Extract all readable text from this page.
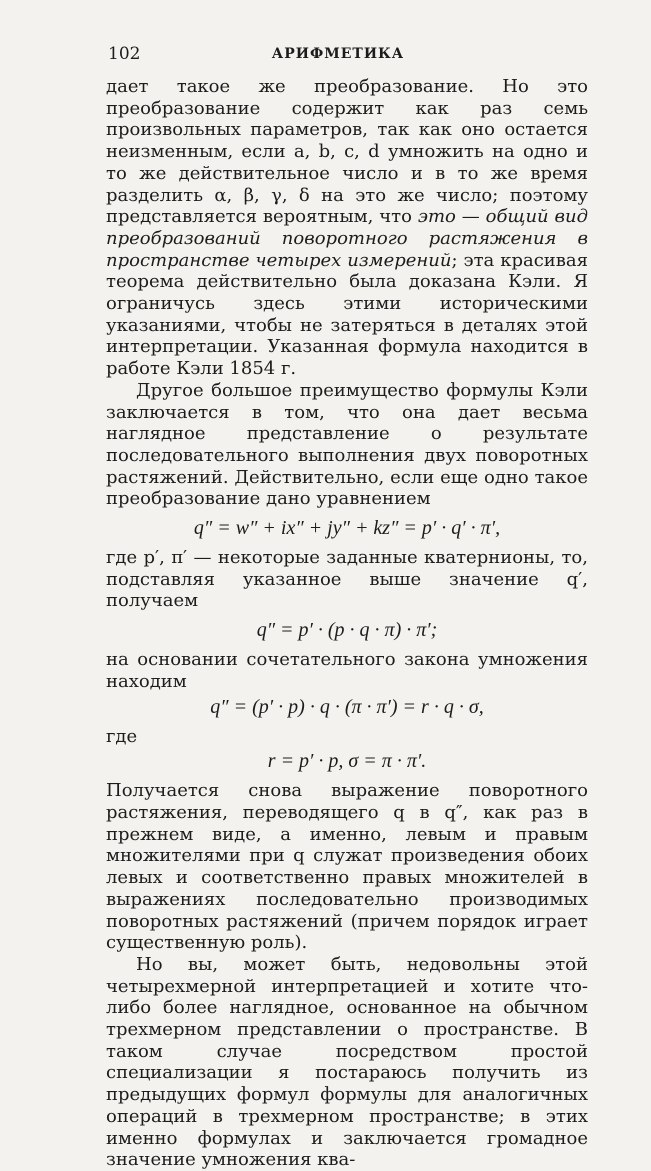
102	АРИФМЕТИКА

дает такое же преобразование. Но это преобразование содержит как раз семь произвольных параметров, так как оно остается неизменным, если a, b, c, d умножить на одно и то же действительное число и в то же время разделить α, β, γ, δ на это же число; поэтому представляется вероятным, что это — общий вид преобразований поворотного растяжения в пространстве четырех измерений; эта красивая теорема действительно была доказана Кэли. Я ограничусь здесь этими историческими указаниями, чтобы не затеряться в деталях этой интерпретации. Указанная формула находится в работе Кэли 1854 г.

Другое большое преимущество формулы Кэли заключается в том, что она дает весьма наглядное представление о результате последовательного выполнения двух поворотных растяжений. Действительно, если еще одно такое преобразование дано уравнением

q″ = w″ + ix″ + jy″ + kz″ = p′ · q′ · π′,

где p′, π′ — некоторые заданные кватернионы, то, подставляя указанное выше значение q′, получаем

q″ = p′ · (p · q · π) · π′;

на основании сочетательного закона умножения находим

q″ = (p′ · p) · q · (π · π′) = r · q · σ,

где

r = p′ · p, σ = π · π′.

Получается снова выражение поворотного растяжения, переводящего q в q″, как раз в прежнем виде, а именно, левым и правым множителями при q служат произведения обоих левых и соответственно правых множителей в выражениях последовательно производимых поворотных растяжений (причем порядок играет существенную роль).

Но вы, может быть, недовольны этой четырехмерной интерпретацией и хотите что-либо более наглядное, основанное на обычном трехмерном представлении о пространстве. В таком случае посредством простой специализации я постараюсь получить из предыдущих формул формулы для аналогичных операций в трехмерном пространстве; в этих именно формулах и заключается громадное значение умножения ква-
